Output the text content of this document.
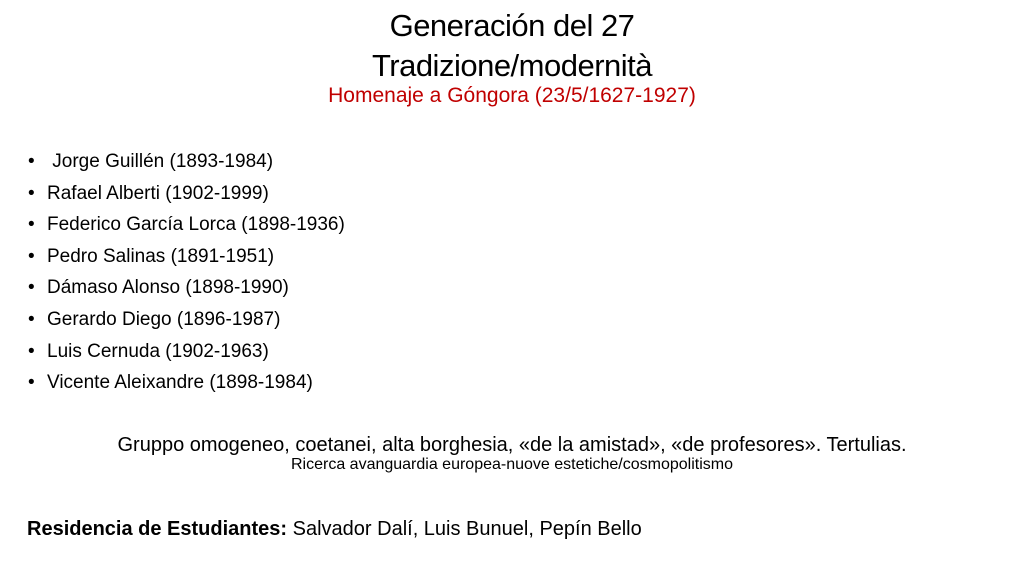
Generación del 27
Tradizione/modernità
Homenaje a Góngora (23/5/1627-1927)
• Jorge Guillén (1893-1984)
• Rafael Alberti (1902-1999)
• Federico García Lorca (1898-1936)
• Pedro Salinas (1891-1951)
• Dámaso Alonso (1898-1990)
• Gerardo Diego (1896-1987)
• Luis Cernuda (1902-1963)
• Vicente Aleixandre (1898-1984)
Gruppo omogeneo, coetanei, alta borghesia, «de la amistad», «de profesores». Tertulias.
Ricerca avanguardia europea-nuove estetiche/cosmopolitismo
Residencia de Estudiantes: Salvador Dalí, Luis Bunuel, Pepín Bello
